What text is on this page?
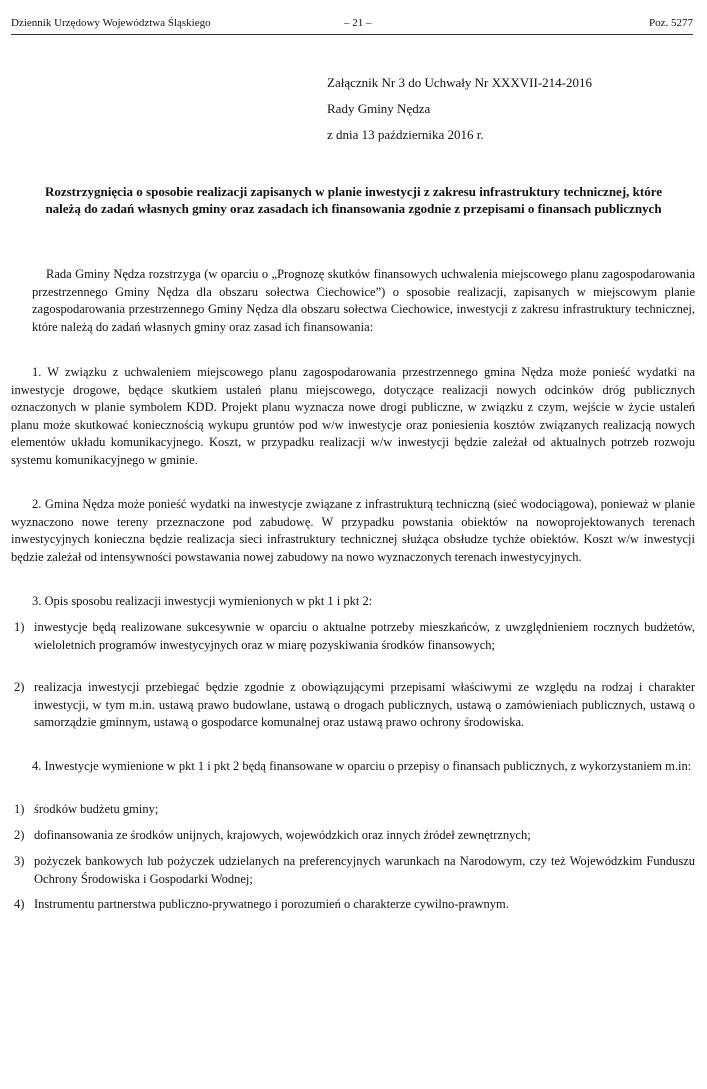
Dziennik Urzędowy Województwa Śląskiego	– 21 –	Poz. 5277
Załącznik Nr 3 do Uchwały Nr XXXVII-214-2016
Rady Gminy Nędza
z dnia 13 października 2016 r.
Rozstrzygnięcia o sposobie realizacji zapisanych w planie inwestycji z zakresu infrastruktury technicznej, które należą do zadań własnych gminy oraz zasadach ich finansowania zgodnie z przepisami o finansach publicznych
Rada Gminy Nędza rozstrzyga (w oparciu o „Prognozę skutków finansowych uchwalenia miejscowego planu zagospodarowania przestrzennego Gminy Nędza dla obszaru sołectwa Ciechowice”) o sposobie realizacji, zapisanych w miejscowym planie zagospodarowania przestrzennego Gminy Nędza dla obszaru sołectwa Ciechowice, inwestycji z zakresu infrastruktury technicznej, które należą do zadań własnych gminy oraz zasad ich finansowania:
1. W związku z uchwaleniem miejscowego planu zagospodarowania przestrzennego gmina Nędza może ponieść wydatki na inwestycje drogowe, będące skutkiem ustaleń planu miejscowego, dotyczące realizacji nowych odcinków dróg publicznych oznaczonych w planie symbolem KDD. Projekt planu wyznacza nowe drogi publiczne, w związku z czym, wejście w życie ustaleń planu może skutkować koniecznością wykupu gruntów pod w/w inwestycje oraz poniesienia kosztów związanych realizacją nowych elementów układu komunikacyjnego. Koszt, w przypadku realizacji w/w inwestycji będzie zależał od aktualnych potrzeb rozwoju systemu komunikacyjnego w gminie.
2. Gmina Nędza może ponieść wydatki na inwestycje związane z infrastrukturą techniczną (sieć wodociągowa), ponieważ w planie wyznaczono nowe tereny przeznaczone pod zabudowę. W przypadku powstania obiektów na nowoprojektowanych terenach inwestycyjnych konieczna będzie realizacja sieci infrastruktury technicznej służąca obsłudze tychże obiektów. Koszt w/w inwestycji będzie zależał od intensywności powstawania nowej zabudowy na nowo wyznaczonych terenach inwestycyjnych.
3. Opis sposobu realizacji inwestycji wymienionych w pkt 1 i pkt 2:
1) inwestycje będą realizowane sukcesywnie w oparciu o aktualne potrzeby mieszkańców, z uwzględnieniem rocznych budżetów, wieloletnich programów inwestycyjnych oraz w miarę pozyskiwania środków finansowych;
2) realizacja inwestycji przebiegać będzie zgodnie z obowiązującymi przepisami właściwymi ze względu na rodzaj i charakter inwestycji, w tym m.in. ustawą prawo budowlane, ustawą o drogach publicznych, ustawą o zamówieniach publicznych, ustawą o samorządzie gminnym, ustawą o gospodarce komunalnej oraz ustawą prawo ochrony środowiska.
4. Inwestycje wymienione w pkt 1 i pkt 2 będą finansowane w oparciu o przepisy o finansach publicznych, z wykorzystaniem m.in:
1) środków budżetu gminy;
2) dofinansowania ze środków unijnych, krajowych, wojewódzkich oraz innych źródeł zewnętrznych;
3) pożyczek bankowych lub pożyczek udzielanych na preferencyjnych warunkach na Narodowym, czy też Wojewódzkim Funduszu Ochrony Środowiska i Gospodarki Wodnej;
4) Instrumentu partnerstwa publiczno-prywatnego i porozumień o charakterze cywilno-prawnym.
